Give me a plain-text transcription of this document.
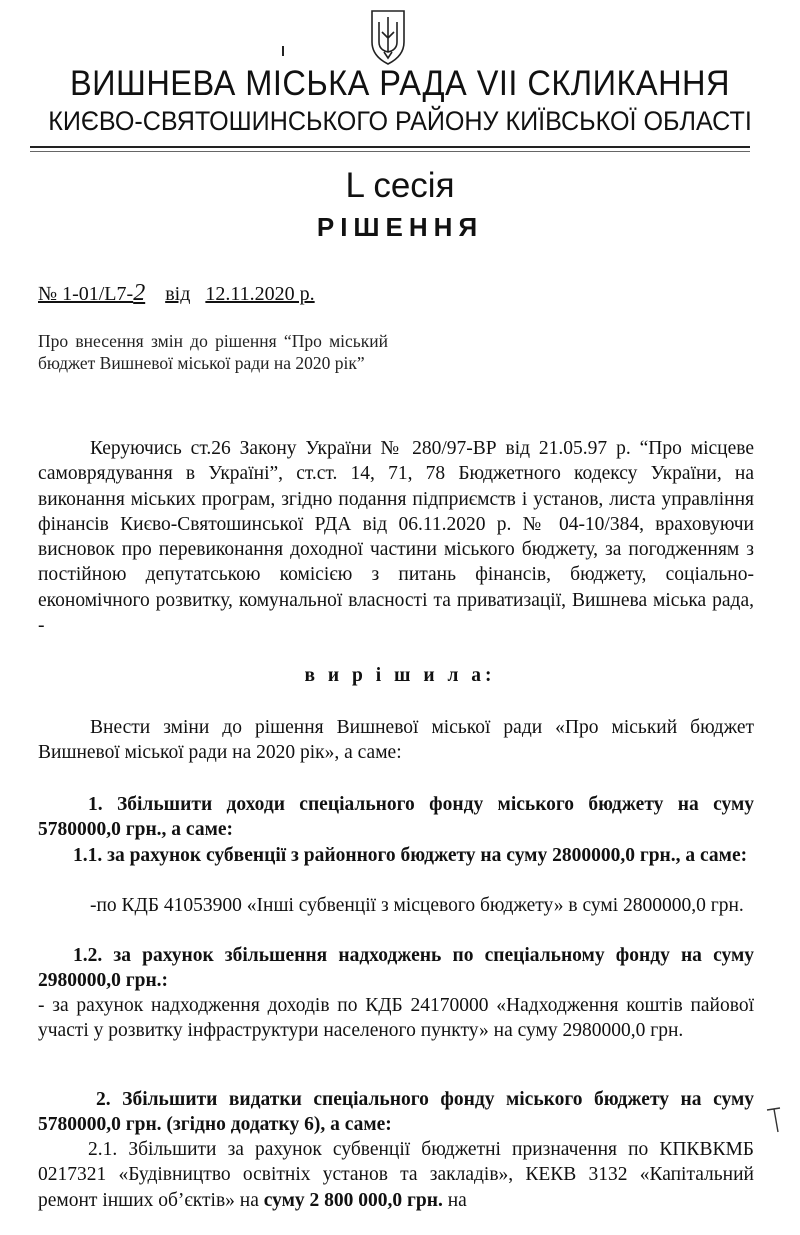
ВИШНЕВА МІСЬКА РАДА VII СКЛИКАННЯ
КИЄВО-СВЯТОШИНСЬКОГО РАЙОНУ КИЇВСЬКОЇ ОБЛАСТІ
L сесія
РІШЕННЯ
№ 1-01/L7-2 від 12.11.2020 р.
Про внесення змін до рішення “Про міський бюджет Вишневої міської ради на 2020 рік”

Керуючись ст.26 Закону України № 280/97-ВР від 21.05.97 р. “Про місцеве самоврядування в Україні”, ст.ст. 14, 71, 78 Бюджетного кодексу України, на виконання міських програм, згідно подання підприємств і установ, листа управління фінансів Києво-Святошинської РДА від 06.11.2020 р. № 04-10/384, враховуючи висновок про перевиконання доходної частини міського бюджету, за погодженням з постійною депутатською комісією з питань фінансів, бюджету, соціально-економічного розвитку, комунальної власності та приватизації, Вишнева міська рада, -

в и р і ш и л а:

Внести зміни до рішення Вишневої міської ради «Про міський бюджет Вишневої міської ради на 2020 рік», а саме:

1. Збільшити доходи спеціального фонду міського бюджету на суму 5780000,0 грн., а саме:

1.1. за рахунок субвенції з районного бюджету на суму 2800000,0 грн., а саме:

-по КДБ 41053900 «Інші субвенції з місцевого бюджету» в сумі 2800000,0 грн.

1.2. за рахунок збільшення надходжень по спеціальному фонду на суму 2980000,0 грн.:

- за рахунок надходження доходів по КДБ 24170000 «Надходження коштів пайової участі у розвитку інфраструктури населеного пункту» на суму 2980000,0 грн.

2. Збільшити видатки спеціального фонду міського бюджету на суму 5780000,0 грн. (згідно додатку 6), а саме:

2.1. Збільшити за рахунок субвенції бюджетні призначення по КПКВКМБ 0217321 «Будівництво освітніх установ та закладів», КЕКВ 3132 «Капітальний ремонт інших об’єктів» на суму 2 800 000,0 грн. на
